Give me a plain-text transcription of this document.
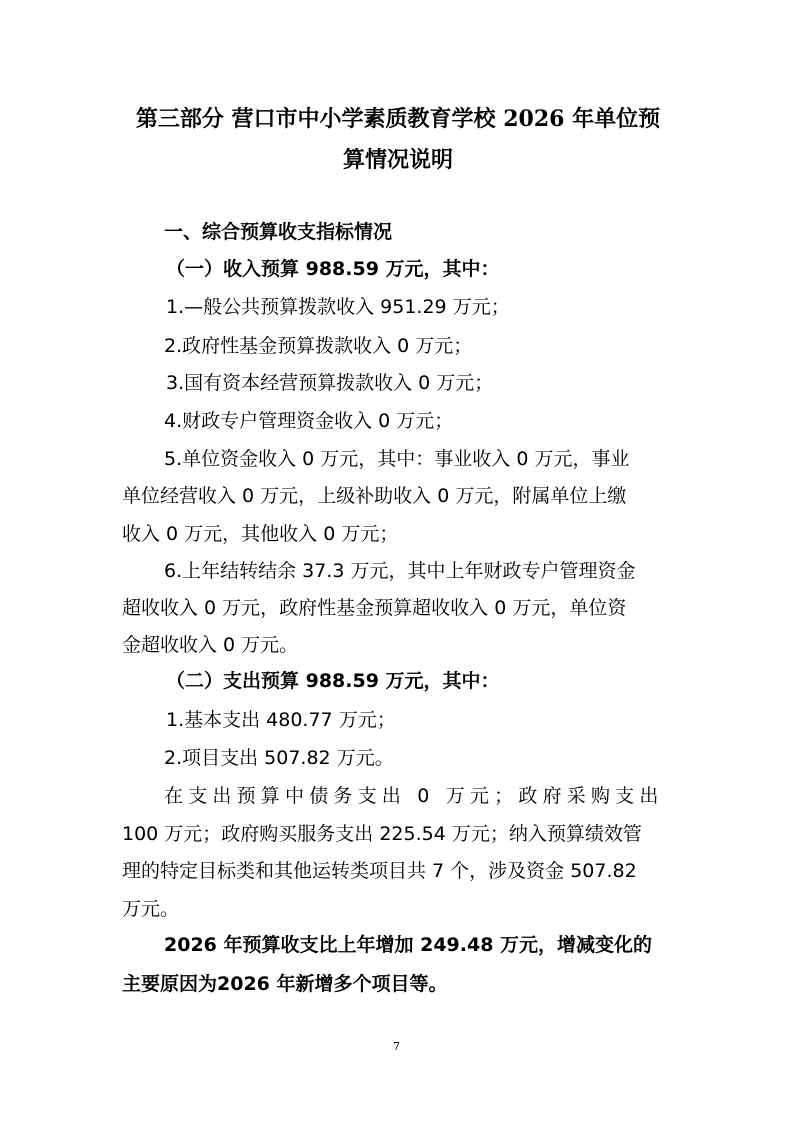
第三部分 营口市中小学素质教育学校 2026 年单位预
算情况说明
一、综合预算收支指标情况
（一）收入预算 988.59 万元，其中：
1.—般公共预算拨款收入 951.29 万元；
2.政府性基金预算拨款收入 0 万元；
3.国有资本经营预算拨款收入 0 万元；
4.财政专户管理资金收入 0 万元；
5.单位资金收入 0 万元，其中：事业收入 0 万元，事业
单位经营收入 0 万元，上级补助收入 0 万元，附属单位上缴
收入 0 万元，其他收入 0 万元；
6.上年结转结余 37.3 万元，其中上年财政专户管理资金
超收收入 0 万元，政府性基金预算超收收入 0 万元，单位资
金超收收入 0 万元。
（二）支出预算 988.59 万元，其中：
1.基本支出 480.77 万元；
2.项目支出 507.82 万元。
在支出预算中债务支出 0 万元；政府采购支出
100 万元；政府购买服务支出 225.54 万元；纳入预算绩效管
理的特定目标类和其他运转类项目共 7 个，涉及资金 507.82
万元。
2026 年预算收支比上年增加 249.48 万元，增减变化的
主要原因为2026 年新增多个项目等。
7
